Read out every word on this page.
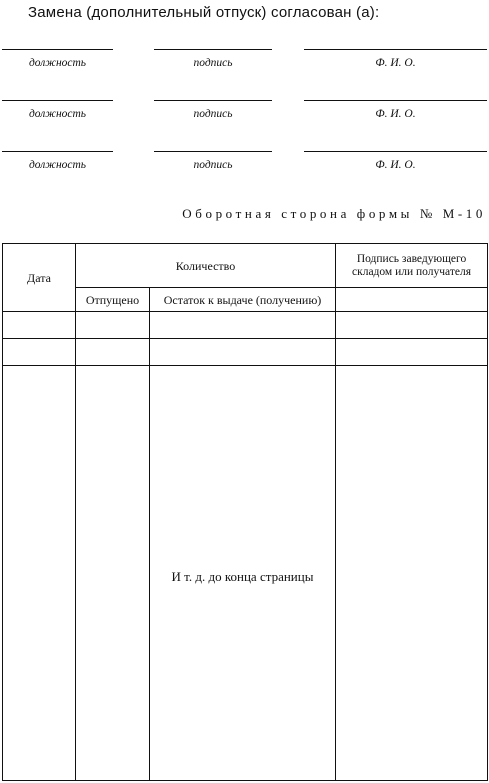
Замена (дополнительный отпуск) согласован (а):
должность	подпись	Ф. И. О.
должность	подпись	Ф. И. О.
должность	подпись	Ф. И. О.
Оборотная сторона формы № М-10
Дата	Количество		Подпись заведующего складом или получателя
	Отпущено	Остаток к выдаче (получению)	

		И т. д. до конца страницы	
